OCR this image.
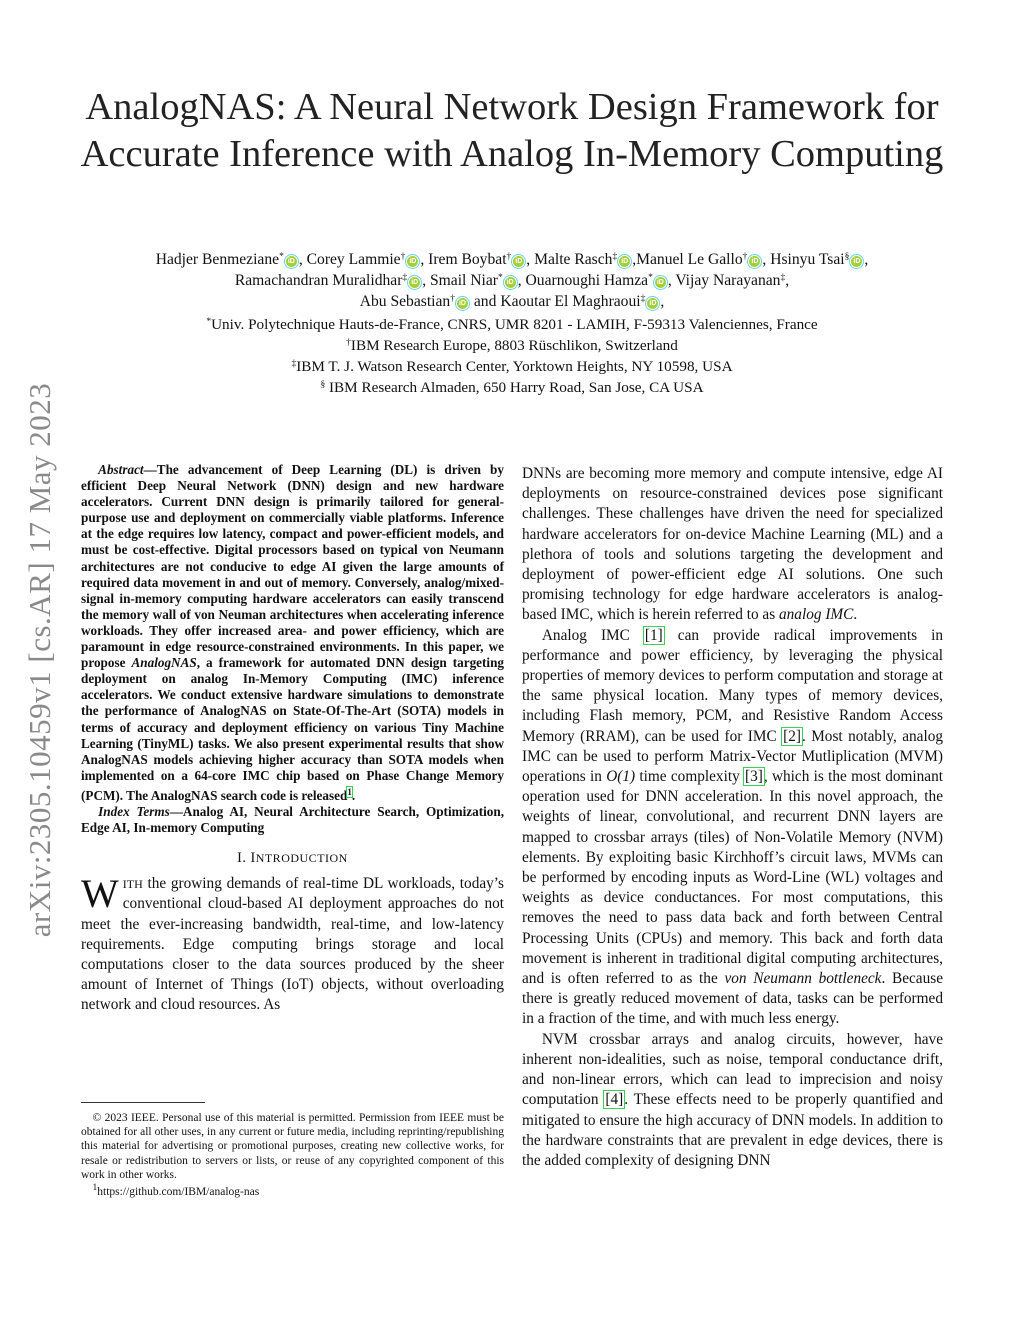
arXiv:2305.10459v1 [cs.AR] 17 May 2023
AnalogNAS: A Neural Network Design Framework for Accurate Inference with Analog In-Memory Computing
Hadjer Benmeziane* iD , Corey Lammie† iD , Irem Boybat† iD , Malte Rasch‡ iD ,Manuel Le Gallo† iD , Hsinyu Tsai§ iD ,
Ramachandran Muralidhar‡ iD , Smail Niar* iD , Ouarnoughi Hamza* iD , Vijay Narayanan‡,
Abu Sebastian† iD and Kaoutar El Maghraoui‡ iD ,
*Univ. Polytechnique Hauts-de-France, CNRS, UMR 8201 - LAMIH, F-59313 Valenciennes, France
†IBM Research Europe, 8803 Rüschlikon, Switzerland
‡IBM T. J. Watson Research Center, Yorktown Heights, NY 10598, USA
§ IBM Research Almaden, 650 Harry Road, San Jose, CA USA

Abstract—The advancement of Deep Learning (DL) is driven by efficient Deep Neural Network (DNN) design and new hardware accelerators. Current DNN design is primarily tailored for general-purpose use and deployment on commercially viable platforms. Inference at the edge requires low latency, compact and power-efficient models, and must be cost-effective. Digital processors based on typical von Neumann architectures are not conducive to edge AI given the large amounts of required data movement in and out of memory. Conversely, analog/mixed-signal in-memory computing hardware accelerators can easily transcend the memory wall of von Neuman architectures when accelerating inference workloads. They offer increased area- and power efficiency, which are paramount in edge resource-constrained environments. In this paper, we propose AnalogNAS, a framework for automated DNN design targeting deployment on analog In-Memory Computing (IMC) inference accelerators. We conduct extensive hardware simulations to demonstrate the performance of AnalogNAS on State-Of-The-Art (SOTA) models in terms of accuracy and deployment efficiency on various Tiny Machine Learning (TinyML) tasks. We also present experimental results that show AnalogNAS models achieving higher accuracy than SOTA models when implemented on a 64-core IMC chip based on Phase Change Memory (PCM). The AnalogNAS search code is released$^1$.

Index Terms—Analog AI, Neural Architecture Search, Optimization, Edge AI, In-memory Computing

I. INTRODUCTION

WITH the growing demands of real-time DL workloads, today’s conventional cloud-based AI deployment approaches do not meet the ever-increasing bandwidth, real-time, and low-latency requirements. Edge computing brings storage and local computations closer to the data sources produced by the sheer amount of Internet of Things (IoT) objects, without overloading network and cloud resources. As

© 2023 IEEE. Personal use of this material is permitted. Permission from IEEE must be obtained for all other uses, in any current or future media, including reprinting/republishing this material for advertising or promotional purposes, creating new collective works, for resale or redistribution to servers or lists, or reuse of any copyrighted component of this work in other works.
$^1$https://github.com/IBM/analog-nas

DNNs are becoming more memory and compute intensive, edge AI deployments on resource-constrained devices pose significant challenges. These challenges have driven the need for specialized hardware accelerators for on-device Machine Learning (ML) and a plethora of tools and solutions targeting the development and deployment of power-efficient edge AI solutions. One such promising technology for edge hardware accelerators is analog-based IMC, which is herein referred to as analog IMC.

Analog IMC [1] can provide radical improvements in performance and power efficiency, by leveraging the physical properties of memory devices to perform computation and storage at the same physical location. Many types of memory devices, including Flash memory, PCM, and Resistive Random Access Memory (RRAM), can be used for IMC [2]. Most notably, analog IMC can be used to perform Matrix-Vector Mutliplication (MVM) operations in O(1) time complexity [3], which is the most dominant operation used for DNN acceleration. In this novel approach, the weights of linear, convolutional, and recurrent DNN layers are mapped to crossbar arrays (tiles) of Non-Volatile Memory (NVM) elements. By exploiting basic Kirchhoff’s circuit laws, MVMs can be performed by encoding inputs as Word-Line (WL) voltages and weights as device conductances. For most computations, this removes the need to pass data back and forth between Central Processing Units (CPUs) and memory. This back and forth data movement is inherent in traditional digital computing architectures, and is often referred to as the von Neumann bottleneck. Because there is greatly reduced movement of data, tasks can be performed in a fraction of the time, and with much less energy.

NVM crossbar arrays and analog circuits, however, have inherent non-idealities, such as noise, temporal conductance drift, and non-linear errors, which can lead to imprecision and noisy computation [4]. These effects need to be properly quantified and mitigated to ensure the high accuracy of DNN models. In addition to the hardware constraints that are prevalent in edge devices, there is the added complexity of designing DNN
